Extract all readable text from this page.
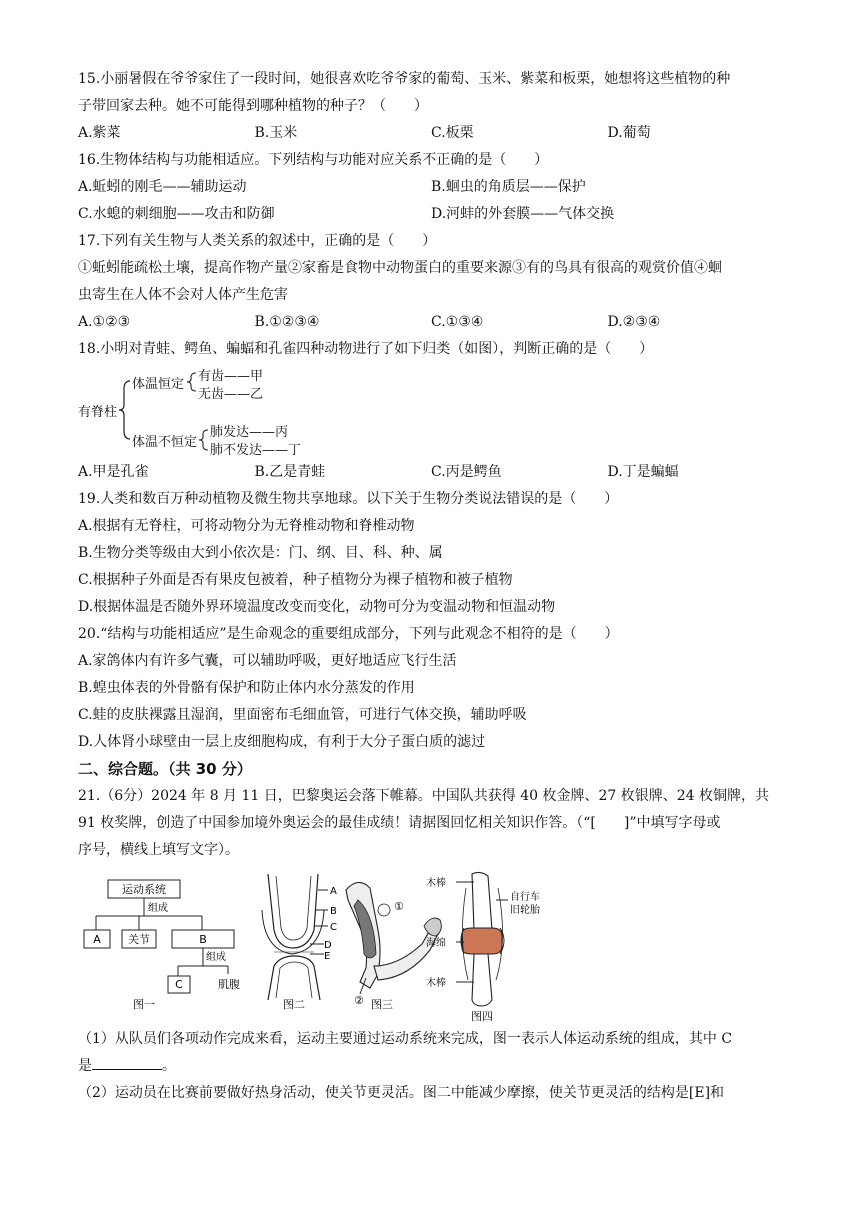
15.小丽暑假在爷爷家住了一段时间，她很喜欢吃爷爷家的葡萄、玉米、紫菜和板栗，她想将这些植物的种
子带回家去种。她不可能得到哪种植物的种子？（　　）
A.紫菜	B.玉米	C.板栗	D.葡萄
16.生物体结构与功能相适应。下列结构与功能对应关系不正确的是（　　）
A.蚯蚓的刚毛——辅助运动	B.蛔虫的角质层——保护
C.水螅的刺细胞——攻击和防御	D.河蚌的外套膜——气体交换
17.下列有关生物与人类关系的叙述中，正确的是（　　）
①蚯蚓能疏松土壤，提高作物产量②家畜是食物中动物蛋白的重要来源③有的鸟具有很高的观赏价值④蛔
虫寄生在人体不会对人体产生危害
A.①②③	B.①②③④	C.①③④	D.②③④
18.小明对青蛙、鳄鱼、蝙蝠和孔雀四种动物进行了如下归类（如图），判断正确的是（　　）
有脊柱
体温恒定
体温不恒定
有齿——甲
无齿——乙
肺发达——丙
肺不发达——丁
A.甲是孔雀	B.乙是青蛙	C.丙是鳄鱼	D.丁是蝙蝠
19.人类和数百万种动植物及微生物共享地球。以下关于生物分类说法错误的是（　　）
A.根据有无脊柱，可将动物分为无脊椎动物和脊椎动物
B.生物分类等级由大到小依次是：门、纲、目、科、种、属
C.根据种子外面是否有果皮包被着，种子植物分为裸子植物和被子植物
D.根据体温是否随外界环境温度改变而变化，动物可分为变温动物和恒温动物
20.“结构与功能相适应”是生命观念的重要组成部分，下列与此观念不相符的是（　　）
A.家鸽体内有许多气囊，可以辅助呼吸，更好地适应飞行生活
B.蝗虫体表的外骨骼有保护和防止体内水分蒸发的作用
C.蛙的皮肤裸露且湿润，里面密布毛细血管，可进行气体交换，辅助呼吸
D.人体肾小球壁由一层上皮细胞构成，有利于大分子蛋白质的滤过
二、综合题。（共 30 分）
21.（6分）2024 年 8 月 11 日，巴黎奥运会落下帷幕。中国队共获得 40 枚金牌、27 枚银牌、24 枚铜牌，共
91 枚奖牌，创造了中国参加境外奥运会的最佳成绩！请据图回忆相关知识作答。（“[　　]”中填写字母或
序号，横线上填写文字）。
运动系统
组成
A 关节	B
组成
C	肌腹
图一
A
B
C
D
E
图二
①
② 图三
木棒
自行车
旧轮胎
海绵
木棒
图四
（1）从队员们各项动作完成来看，运动主要通过运动系统来完成，图一表示人体运动系统的组成，其中 C
是	。
（2）运动员在比赛前要做好热身活动，使关节更灵活。图二中能减少摩擦，使关节更灵活的结构是[E]和
